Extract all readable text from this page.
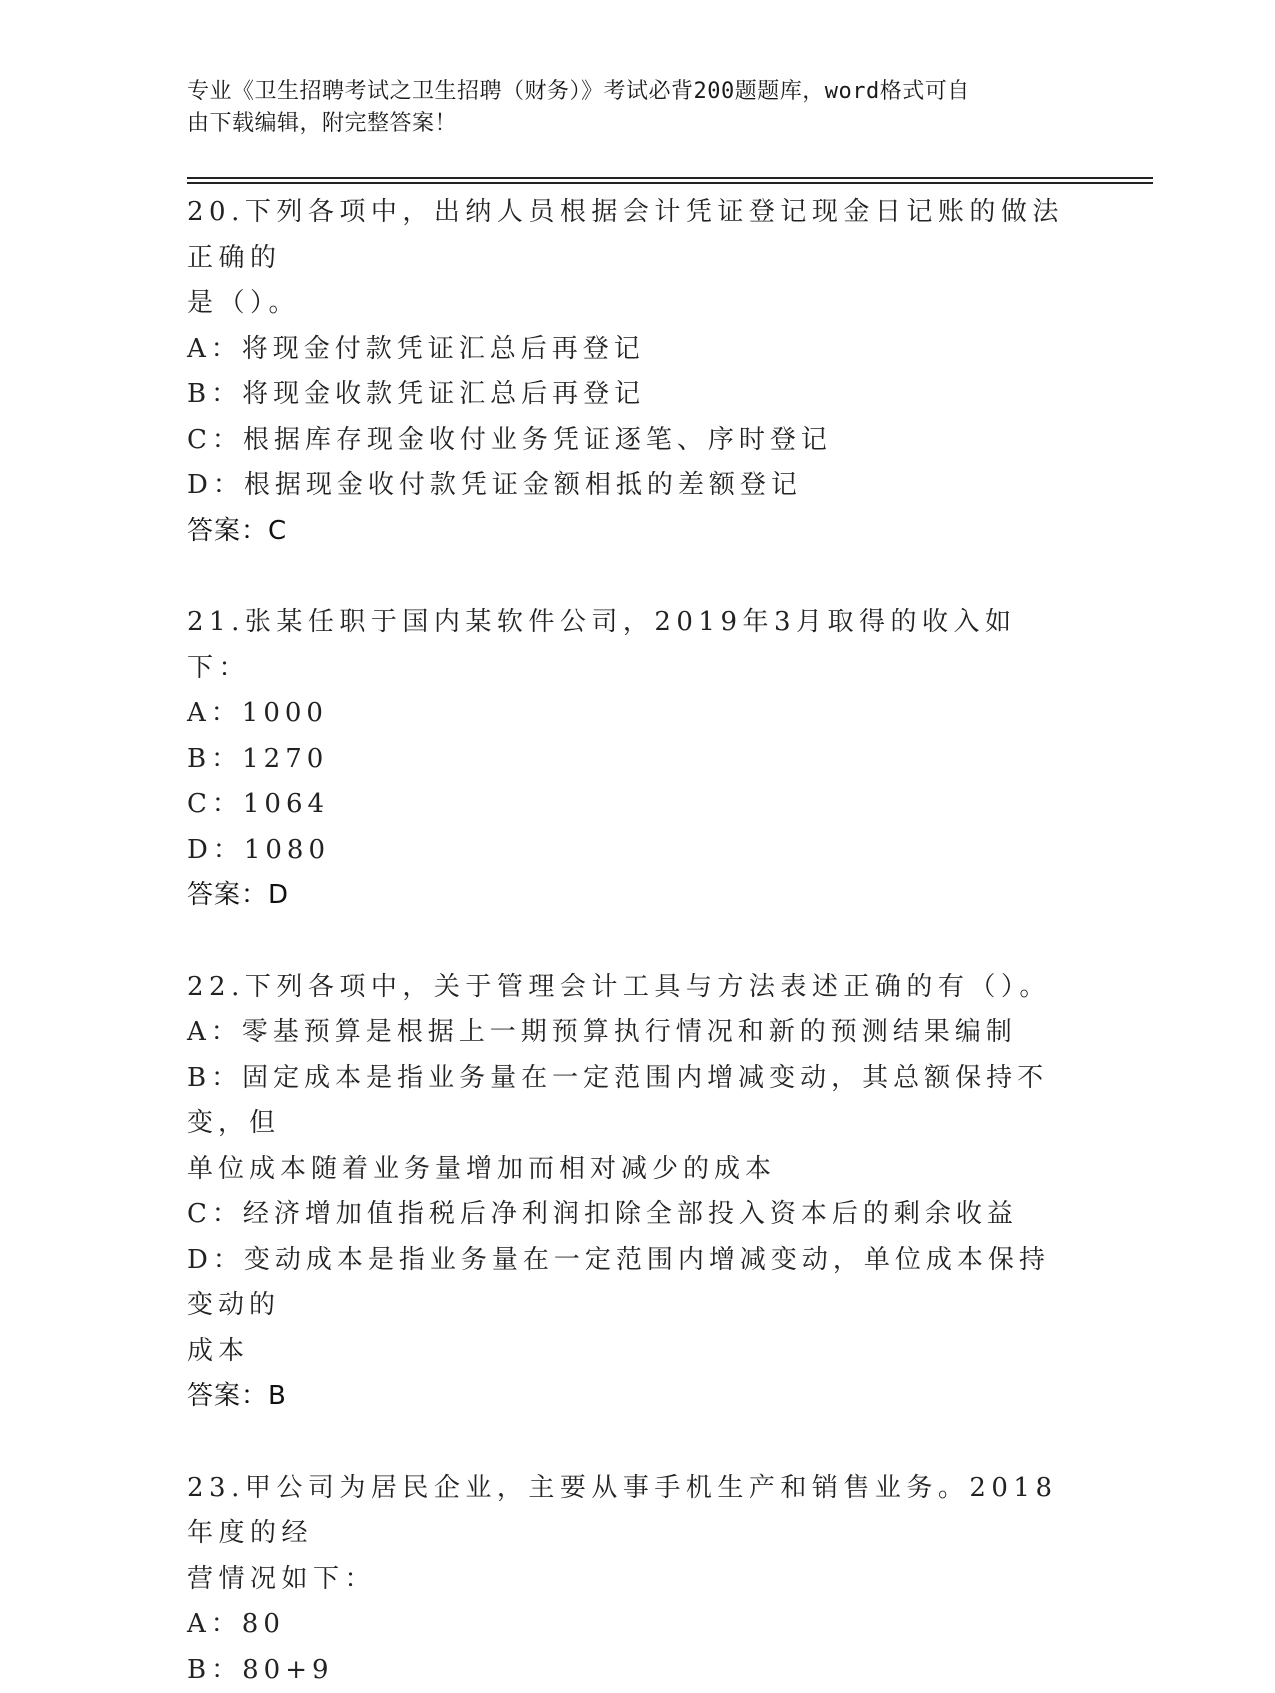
专业《卫生招聘考试之卫生招聘（财务）》考试必背200题题库，word格式可自
由下载编辑，附完整答案！
20.下列各项中，出纳人员根据会计凭证登记现金日记账的做法正确的
是（）。
A：将现金付款凭证汇总后再登记
B：将现金收款凭证汇总后再登记
C：根据库存现金收付业务凭证逐笔、序时登记
D：根据现金收付款凭证金额相抵的差额登记
答案：C
21.张某任职于国内某软件公司，2019年3月取得的收入如下：
A：1000
B：1270
C：1064
D：1080
答案：D
22.下列各项中，关于管理会计工具与方法表述正确的有（）。
A：零基预算是根据上一期预算执行情况和新的预测结果编制
B：固定成本是指业务量在一定范围内增减变动，其总额保持不变，但
单位成本随着业务量增加而相对减少的成本
C：经济增加值指税后净利润扣除全部投入资本后的剩余收益
D：变动成本是指业务量在一定范围内增减变动，单位成本保持变动的
成本
答案：B
23.甲公司为居民企业，主要从事手机生产和销售业务。2018年度的经
营情况如下：
A：80
B：80+9
